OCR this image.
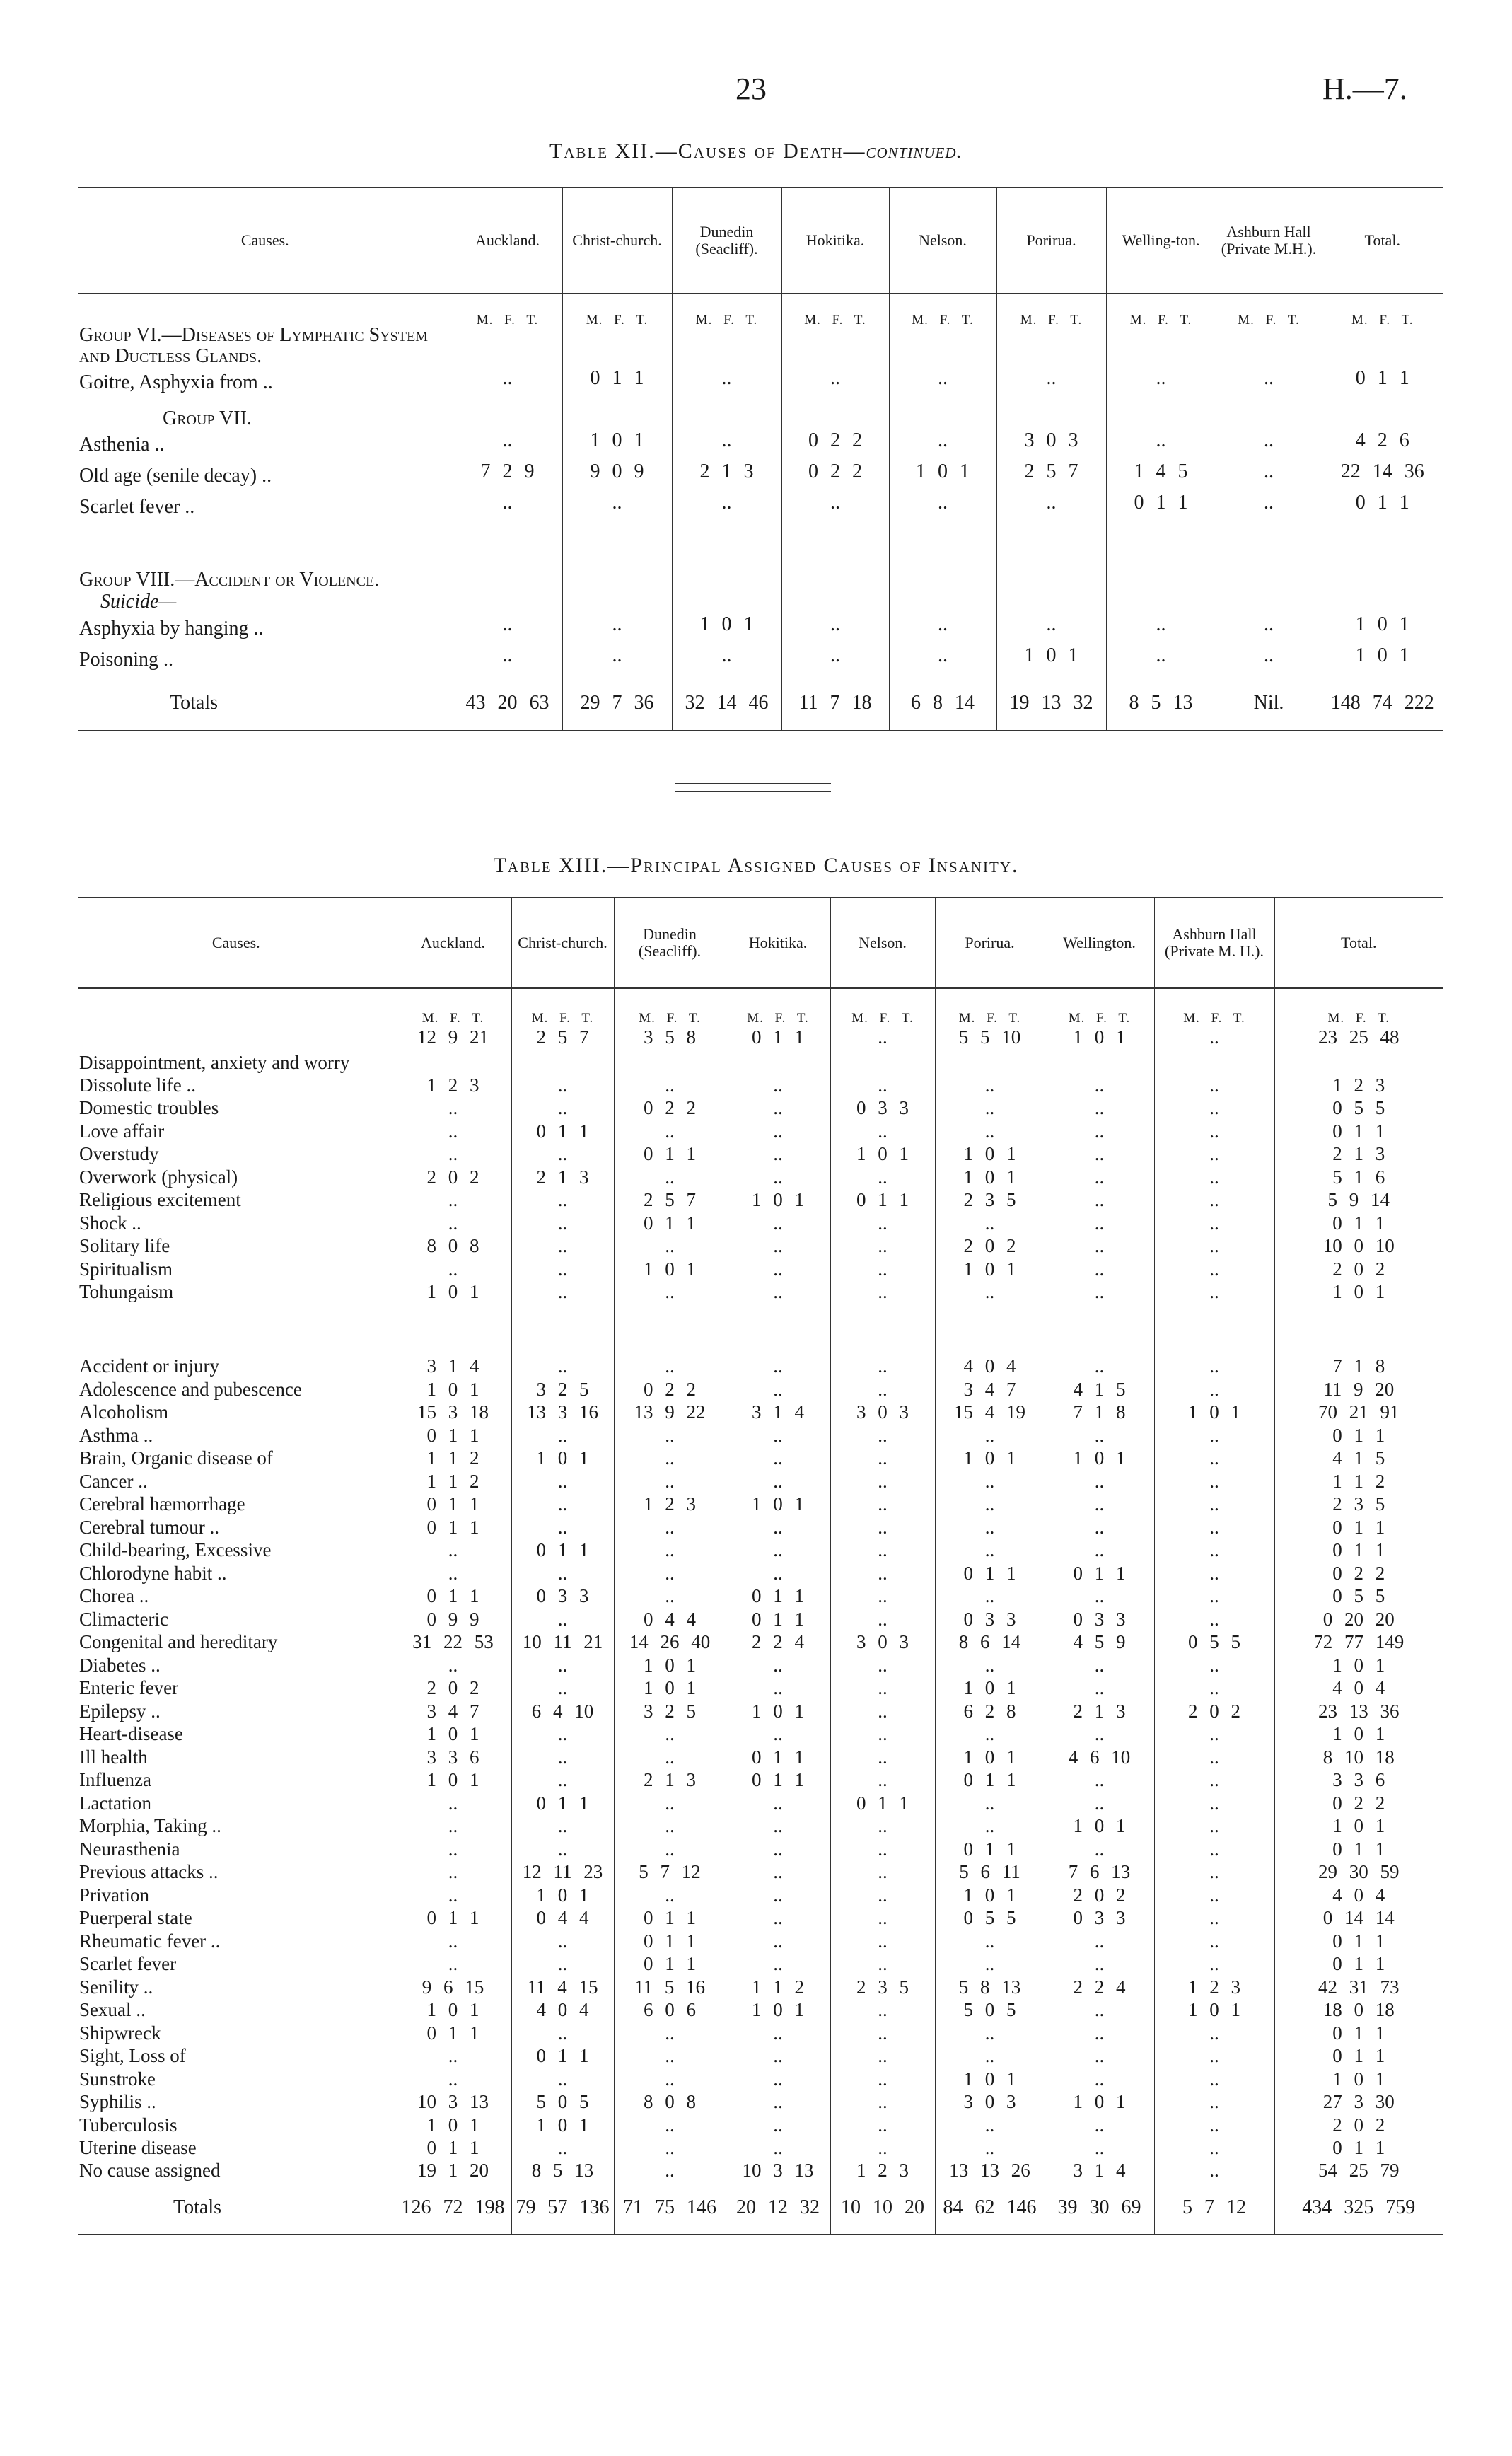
23	H.—7.
Table XII.—Causes of Death—continued.
Causes.	Auckland.	Christ-church.	Dunedin (Seacliff).	Hokitika.	Nelson.	Porirua.	Welling-ton.	Ashburn Hall (Private M.H.).	Total.
Group VI.—Diseases of Lymphatic System and Ductless Glands.	M. F. T.	M. F. T.	M. F. T.	M. F. T.	M. F. T.	M. F. T.	M. F. T.	M. F. T.	M. F. T.
Goitre, Asphyxia from ..	..	0 1 1	..	..	..	..	..	..	0 1 1
Group VII.									
Asthenia ..	..	1 0 1	..	0 2 2	..	3 0 3	..	..	4 2 6
Old age (senile decay) ..	7 2 9	9 0 9	2 1 3	0 2 2	1 0 1	2 5 7	1 4 5	..	22 14 36
Scarlet fever ..	..	..	..	..	..	..	0 1 1	..	0 1 1
Group VIII.—Accident or Violence.									
Suicide—									
Asphyxia by hanging ..	..	..	1 0 1	..	..	..	..	..	1 0 1
Poisoning ..	..	..	..	..	..	1 0 1	..	..	1 0 1
Totals	43 20 63	29 7 36	32 14 46	11 7 18	6 8 14	19 13 32	8 5 13	Nil.	148 74 222
Table XIII.—Principal Assigned Causes of Insanity.
Causes.	Auckland.	Christ-church.	Dunedin (Seacliff).	Hokitika.	Nelson.	Porirua.	Wellington.	Ashburn Hall (Private M. H.).	Total.
	M. F. T.	M. F. T.	M. F. T.	M. F. T.	M. F. T.	M. F. T.	M. F. T.	M. F. T.	M. F. T.
Disappointment, anxiety and worry	12 9 21	2 5 7	3 5 8	0 1 1	..	5 5 10	1 0 1	..	23 25 48
Dissolute life ..	1 2 3	..	..	..	..	..	..	..	1 2 3
Domestic troubles	..	..	0 2 2	..	0 3 3	..	..	..	0 5 5
Love affair	..	0 1 1	..	..	..	..	..	..	0 1 1
Overstudy	..	..	0 1 1	..	1 0 1	1 0 1	..	..	2 1 3
Overwork (physical)	2 0 2	2 1 3	..	..	..	1 0 1	..	..	5 1 6
Religious excitement	..	..	2 5 7	1 0 1	0 1 1	2 3 5	..	..	5 9 14
Shock ..	..	..	0 1 1	..	..	..	..	..	0 1 1
Solitary life	8 0 8	..	..	..	..	2 0 2	..	..	10 0 10
Spiritualism	..	..	1 0 1	..	..	1 0 1	..	..	2 0 2
Tohungaism	1 0 1	..	..	..	..	..	..	..	1 0 1
Accident or injury	3 1 4	..	..	..	..	4 0 4	..	..	7 1 8
Adolescence and pubescence	1 0 1	3 2 5	0 2 2	..	..	3 4 7	4 1 5	..	11 9 20
Alcoholism	15 3 18	13 3 16	13 9 22	3 1 4	3 0 3	15 4 19	7 1 8	1 0 1	70 21 91
Asthma ..	0 1 1	..	..	..	..	..	..	..	0 1 1
Brain, Organic disease of	1 1 2	1 0 1	..	..	..	1 0 1	1 0 1	..	4 1 5
Cancer ..	1 1 2	..	..	..	..	..	..	..	1 1 2
Cerebral hæmorrhage	0 1 1	..	1 2 3	1 0 1	..	..	..	..	2 3 5
Cerebral tumour ..	0 1 1	..	..	..	..	..	..	..	0 1 1
Child-bearing, Excessive	..	0 1 1	..	..	..	..	..	..	0 1 1
Chlorodyne habit ..	..	..	..	..	..	0 1 1	0 1 1	..	0 2 2
Chorea ..	0 1 1	0 3 3	..	0 1 1	..	..	..	..	0 5 5
Climacteric	0 9 9	..	0 4 4	0 1 1	..	0 3 3	0 3 3	..	0 20 20
Congenital and hereditary	31 22 53	10 11 21	14 26 40	2 2 4	3 0 3	8 6 14	4 5 9	0 5 5	72 77 149
Diabetes ..	..	..	1 0 1	..	..	..	..	..	1 0 1
Enteric fever	2 0 2	..	1 0 1	..	..	1 0 1	..	..	4 0 4
Epilepsy ..	3 4 7	6 4 10	3 2 5	1 0 1	..	6 2 8	2 1 3	2 0 2	23 13 36
Heart-disease	1 0 1	..	..	..	..	..	..	..	1 0 1
Ill health	3 3 6	..	..	0 1 1	..	1 0 1	4 6 10	..	8 10 18
Influenza	1 0 1	..	2 1 3	0 1 1	..	0 1 1	..	..	3 3 6
Lactation	..	0 1 1	..	..	0 1 1	..	..	..	0 2 2
Morphia, Taking ..	..	..	..	..	..	..	1 0 1	..	1 0 1
Neurasthenia	..	..	..	..	..	0 1 1	..	..	0 1 1
Previous attacks ..	..	12 11 23	5 7 12	..	..	5 6 11	7 6 13	..	29 30 59
Privation	..	1 0 1	..	..	..	1 0 1	2 0 2	..	4 0 4
Puerperal state	0 1 1	0 4 4	0 1 1	..	..	0 5 5	0 3 3	..	0 14 14
Rheumatic fever ..	..	..	0 1 1	..	..	..	..	..	0 1 1
Scarlet fever	..	..	0 1 1	..	..	..	..	..	0 1 1
Senility ..	9 6 15	11 4 15	11 5 16	1 1 2	2 3 5	5 8 13	2 2 4	1 2 3	42 31 73
Sexual ..	1 0 1	4 0 4	6 0 6	1 0 1	..	5 0 5	..	1 0 1	18 0 18
Shipwreck	0 1 1	..	..	..	..	..	..	..	0 1 1
Sight, Loss of	..	0 1 1	..	..	..	..	..	..	0 1 1
Sunstroke	..	..	..	..	..	1 0 1	..	..	1 0 1
Syphilis ..	10 3 13	5 0 5	8 0 8	..	..	3 0 3	1 0 1	..	27 3 30
Tuberculosis	1 0 1	1 0 1	..	..	..	..	..	..	2 0 2
Uterine disease	0 1 1	..	..	..	..	..	..	..	0 1 1
No cause assigned	19 1 20	8 5 13	..	10 3 13	1 2 3	13 13 26	3 1 4	..	54 25 79
Totals	126 72 198	79 57 136	71 75 146	20 12 32	10 10 20	84 62 146	39 30 69	5 7 12	434 325 759
